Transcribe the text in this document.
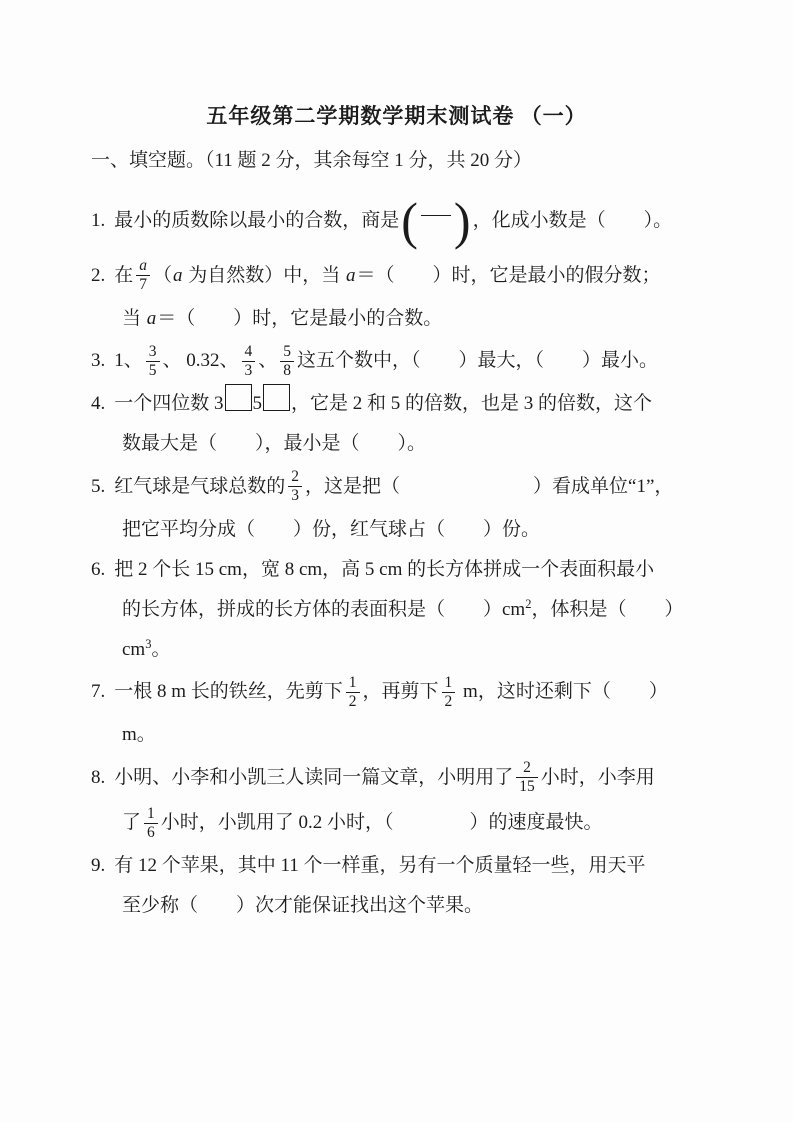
五年级第二学期数学期末测试卷 （一）
一、填空题。（11 题 2 分，其余每空 1 分，共 20 分）
1. 最小的质数除以最小的合数，商是 ( ) ，化成小数是（　　）。
2. 在 $\frac{a}{7}$ （ a 为自然数）中，当 a ＝（　　）时，它是最小的假分数；
当 a ＝（　　）时，它是最小的合数。
3. 1、 $\frac{3}{5}$ 、 0.32、 $\frac{4}{3}$ 、 $\frac{5}{8}$ 这五个数中，（　　）最大，（　　）最小。
4. 一个四位数 3 5 ，它是 2 和 5 的倍数，也是 3 的倍数，这个
数最大是（　　），最小是（　　）。
5. 红气球是气球总数的 $\frac{2}{3}$ ，这是把（　　　　　　　）看成单位“1”，
把它平均分成（　　）份，红气球占（　　）份。
6. 把 2 个长 15 cm，宽 8 cm，高 5 cm 的长方体拼成一个表面积最小
的长方体，拼成的长方体的表面积是（　　）cm 2 ，体积是（　　）
cm 3 。
7. 一根 8 m 长的铁丝，先剪下 $\frac{1}{2}$ ，再剪下 $\frac{1}{2}$ m，这时还剩下（　　）
m。
8. 小明、小李和小凯三人读同一篇文章，小明用了 $\frac{2}{15}$ 小时，小李用
了 $\frac{1}{6}$ 小时，小凯用了 0.2 小时，（　　　　）的速度最快。
9. 有 12 个苹果，其中 11 个一样重，另有一个质量轻一些，用天平
至少称（　　）次才能保证找出这个苹果。
